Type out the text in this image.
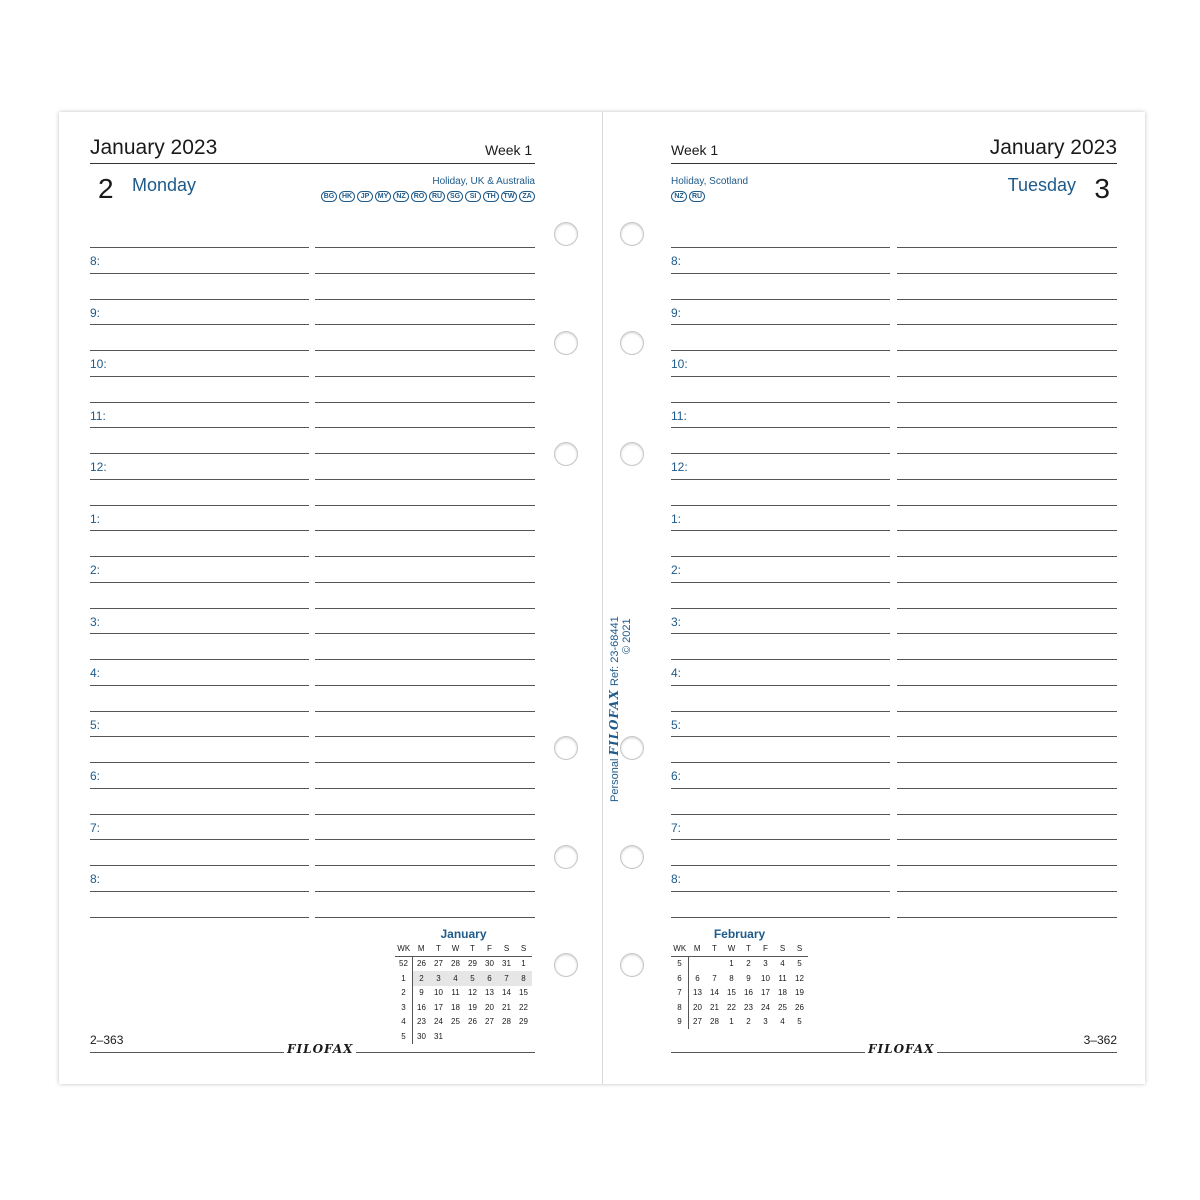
January 2023	Week 1
2 Monday	Holiday, UK & Australia
BG	HK	JP	MY	NZ	RO	RU	SG	SI	TH	TW	ZA
8:
9:
10:
11:
12:
1:
2:
3:
4:
5:
6:
7:
8:
January
WK	M	T	W	T	F	S	S
52	26	27	28	29	30	31	1
1	2	3	4	5	6	7	8
2	9	10	11	12	13	14	15
3	16	17	18	19	20	21	22
4	23	24	25	26	27	28	29
5	30	31					
2–363
FILOFAX
Week 1	January 2023
Holiday, Scotland
NZ	RU
Tuesday 3
8:
9:
10:
11:
12:
1:
2:
3:
4:
5:
6:
7:
8:
February
WK	M	T	W	T	F	S	S
5			1	2	3	4	5
6	6	7	8	9	10	11	12
7	13	14	15	16	17	18	19
8	20	21	22	23	24	25	26
9	27	28	1	2	3	4	5
3–362
FILOFAX
Personal FILOFAX Ref: 23-68441 © 2021
